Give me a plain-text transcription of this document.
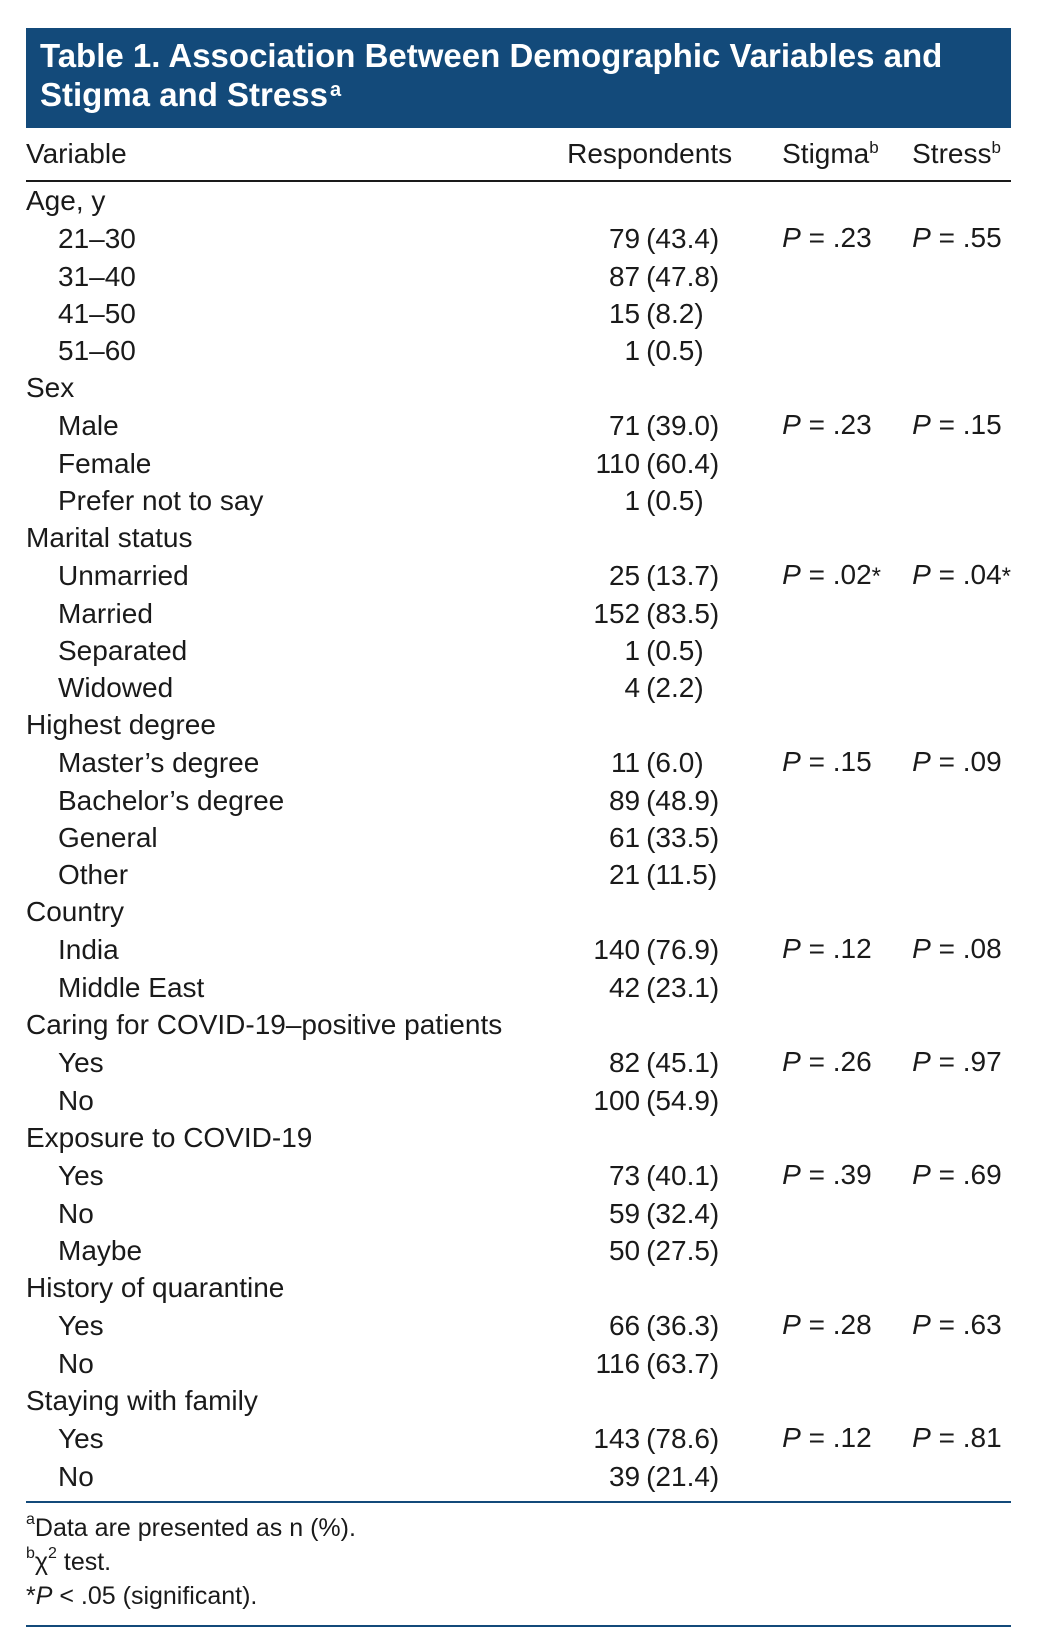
Table 1. Association Between Demographic Variables and Stigma and Stress $^a$
Variable	Respondents	Stigma$^b$	Stress$^b$
Age, y			
21–30	79 (43.4)	P = .23	P = .55
31–40	87 (47.8)		
41–50	15 (8.2)		
51–60	1 (0.5)		
Sex			
Male	71 (39.0)	P = .23	P = .15
Female	110 (60.4)		
Prefer not to say	1 (0.5)		
Marital status			
Unmarried	25 (13.7)	P = .02*	P = .04*
Married	152 (83.5)		
Separated	1 (0.5)		
Widowed	4 (2.2)		
Highest degree			
Master’s degree	11 (6.0)	P = .15	P = .09
Bachelor’s degree	89 (48.9)		
General	61 (33.5)		
Other	21 (11.5)		
Country			
India	140 (76.9)	P = .12	P = .08
Middle East	42 (23.1)		
Caring for COVID-19–positive patients			
Yes	82 (45.1)	P = .26	P = .97
No	100 (54.9)		
Exposure to COVID-19			
Yes	73 (40.1)	P = .39	P = .69
No	59 (32.4)		
Maybe	50 (27.5)		
History of quarantine			
Yes	66 (36.3)	P = .28	P = .63
No	116 (63.7)		
Staying with family			
Yes	143 (78.6)	P = .12	P = .81
No	39 (21.4)		
$^a$Data are presented as n (%).
$^b\chi^2$ test.
*P < .05 (significant).
